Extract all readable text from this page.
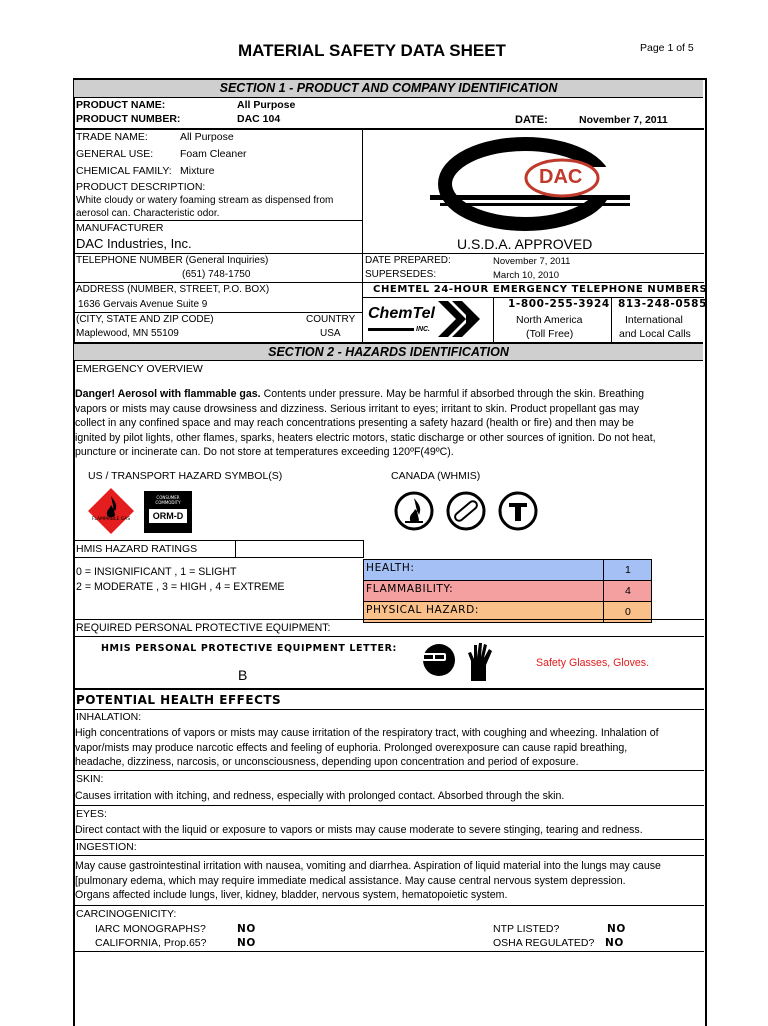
MATERIAL SAFETY DATA SHEET	Page 1 of 5
SECTION 1 - PRODUCT AND COMPANY IDENTIFICATION
PRODUCT NAME:	All Purpose
PRODUCT NUMBER:	DAC 104	DATE:	November 7, 2011
TRADE NAME:	All Purpose
GENERAL USE:	Foam Cleaner
CHEMICAL FAMILY: Mixture
PRODUCT DESCRIPTION:
White cloudy or watery foaming stream as dispensed from
aerosol can. Characteristic odor.
MANUFACTURER
DAC Industries, Inc.
DAC
U.S.D.A. APPROVED
TELEPHONE NUMBER (General Inquiries)
(651) 748-1750
DATE PREPARED:	November 7, 2011
SUPERSEDES:	March 10, 2010
ADDRESS (NUMBER, STREET, P.O. BOX)
1636 Gervais Avenue Suite 9
(CITY, STATE AND ZIP CODE)	COUNTRY
Maplewood, MN 55109	USA
CHEMTEL 24-HOUR EMERGENCY TELEPHONE NUMBERS
ChemTel
INC.
1-800-255-3924
North America
(Toll Free)
813-248-0585
International
and Local Calls
SECTION 2 - HAZARDS IDENTIFICATION
EMERGENCY OVERVIEW
Danger! Aerosol with flammable gas. Contents under pressure. May be harmful if absorbed through the skin. Breathing
vapors or mists may cause drowsiness and dizziness. Serious irritant to eyes; irritant to skin. Product propellant gas may
collect in any confined space and may reach concentrations presenting a safety hazard (health or fire) and then may be
ignited by pilot lights, other flames, sparks, heaters electric motors, static discharge or other sources of ignition. Do not heat,
puncture or incinerate can. Do not store at temperatures exceeding 120ºF(49ºC).
US / TRANSPORT HAZARD SYMBOL(S)	CANADA (WHMIS)
FLAMMABLE GAS
CONSUMER COMMODITY
ORM-D
HMIS HAZARD RATINGS
0 = INSIGNIFICANT , 1 = SLIGHT
2 = MODERATE , 3 = HIGH , 4 = EXTREME
HEALTH:	1
FLAMMABILITY:	4
PHYSICAL HAZARD:	0
REQUIRED PERSONAL PROTECTIVE EQUIPMENT:
HMIS PERSONAL PROTECTIVE EQUIPMENT LETTER:
B
Safety Glasses, Gloves.
POTENTIAL HEALTH EFFECTS
INHALATION:
High concentrations of vapors or mists may cause irritation of the respiratory tract, with coughing and wheezing. Inhalation of
vapor/mists may produce narcotic effects and feeling of euphoria. Prolonged overexposure can cause rapid breathing,
headache, dizziness, narcosis, or unconsciousness, depending upon concentration and period of exposure.
SKIN:
Causes irritation with itching, and redness, especially with prolonged contact. Absorbed through the skin.
EYES:
Direct contact with the liquid or exposure to vapors or mists may cause moderate to severe stinging, tearing and redness.
INGESTION:
May cause gastrointestinal irritation with nausea, vomiting and diarrhea. Aspiration of liquid material into the lungs may cause
[pulmonary edema, which may require immediate medical assistance. May cause central nervous system depression.
Organs affected include lungs, liver, kidney, bladder, nervous system, hematopoietic system.
CARCINOGENICITY:
IARC MONOGRAPHS?	NO
CALIFORNIA, Prop.65?	NO
NTP LISTED?	NO
OSHA REGULATED? NO
